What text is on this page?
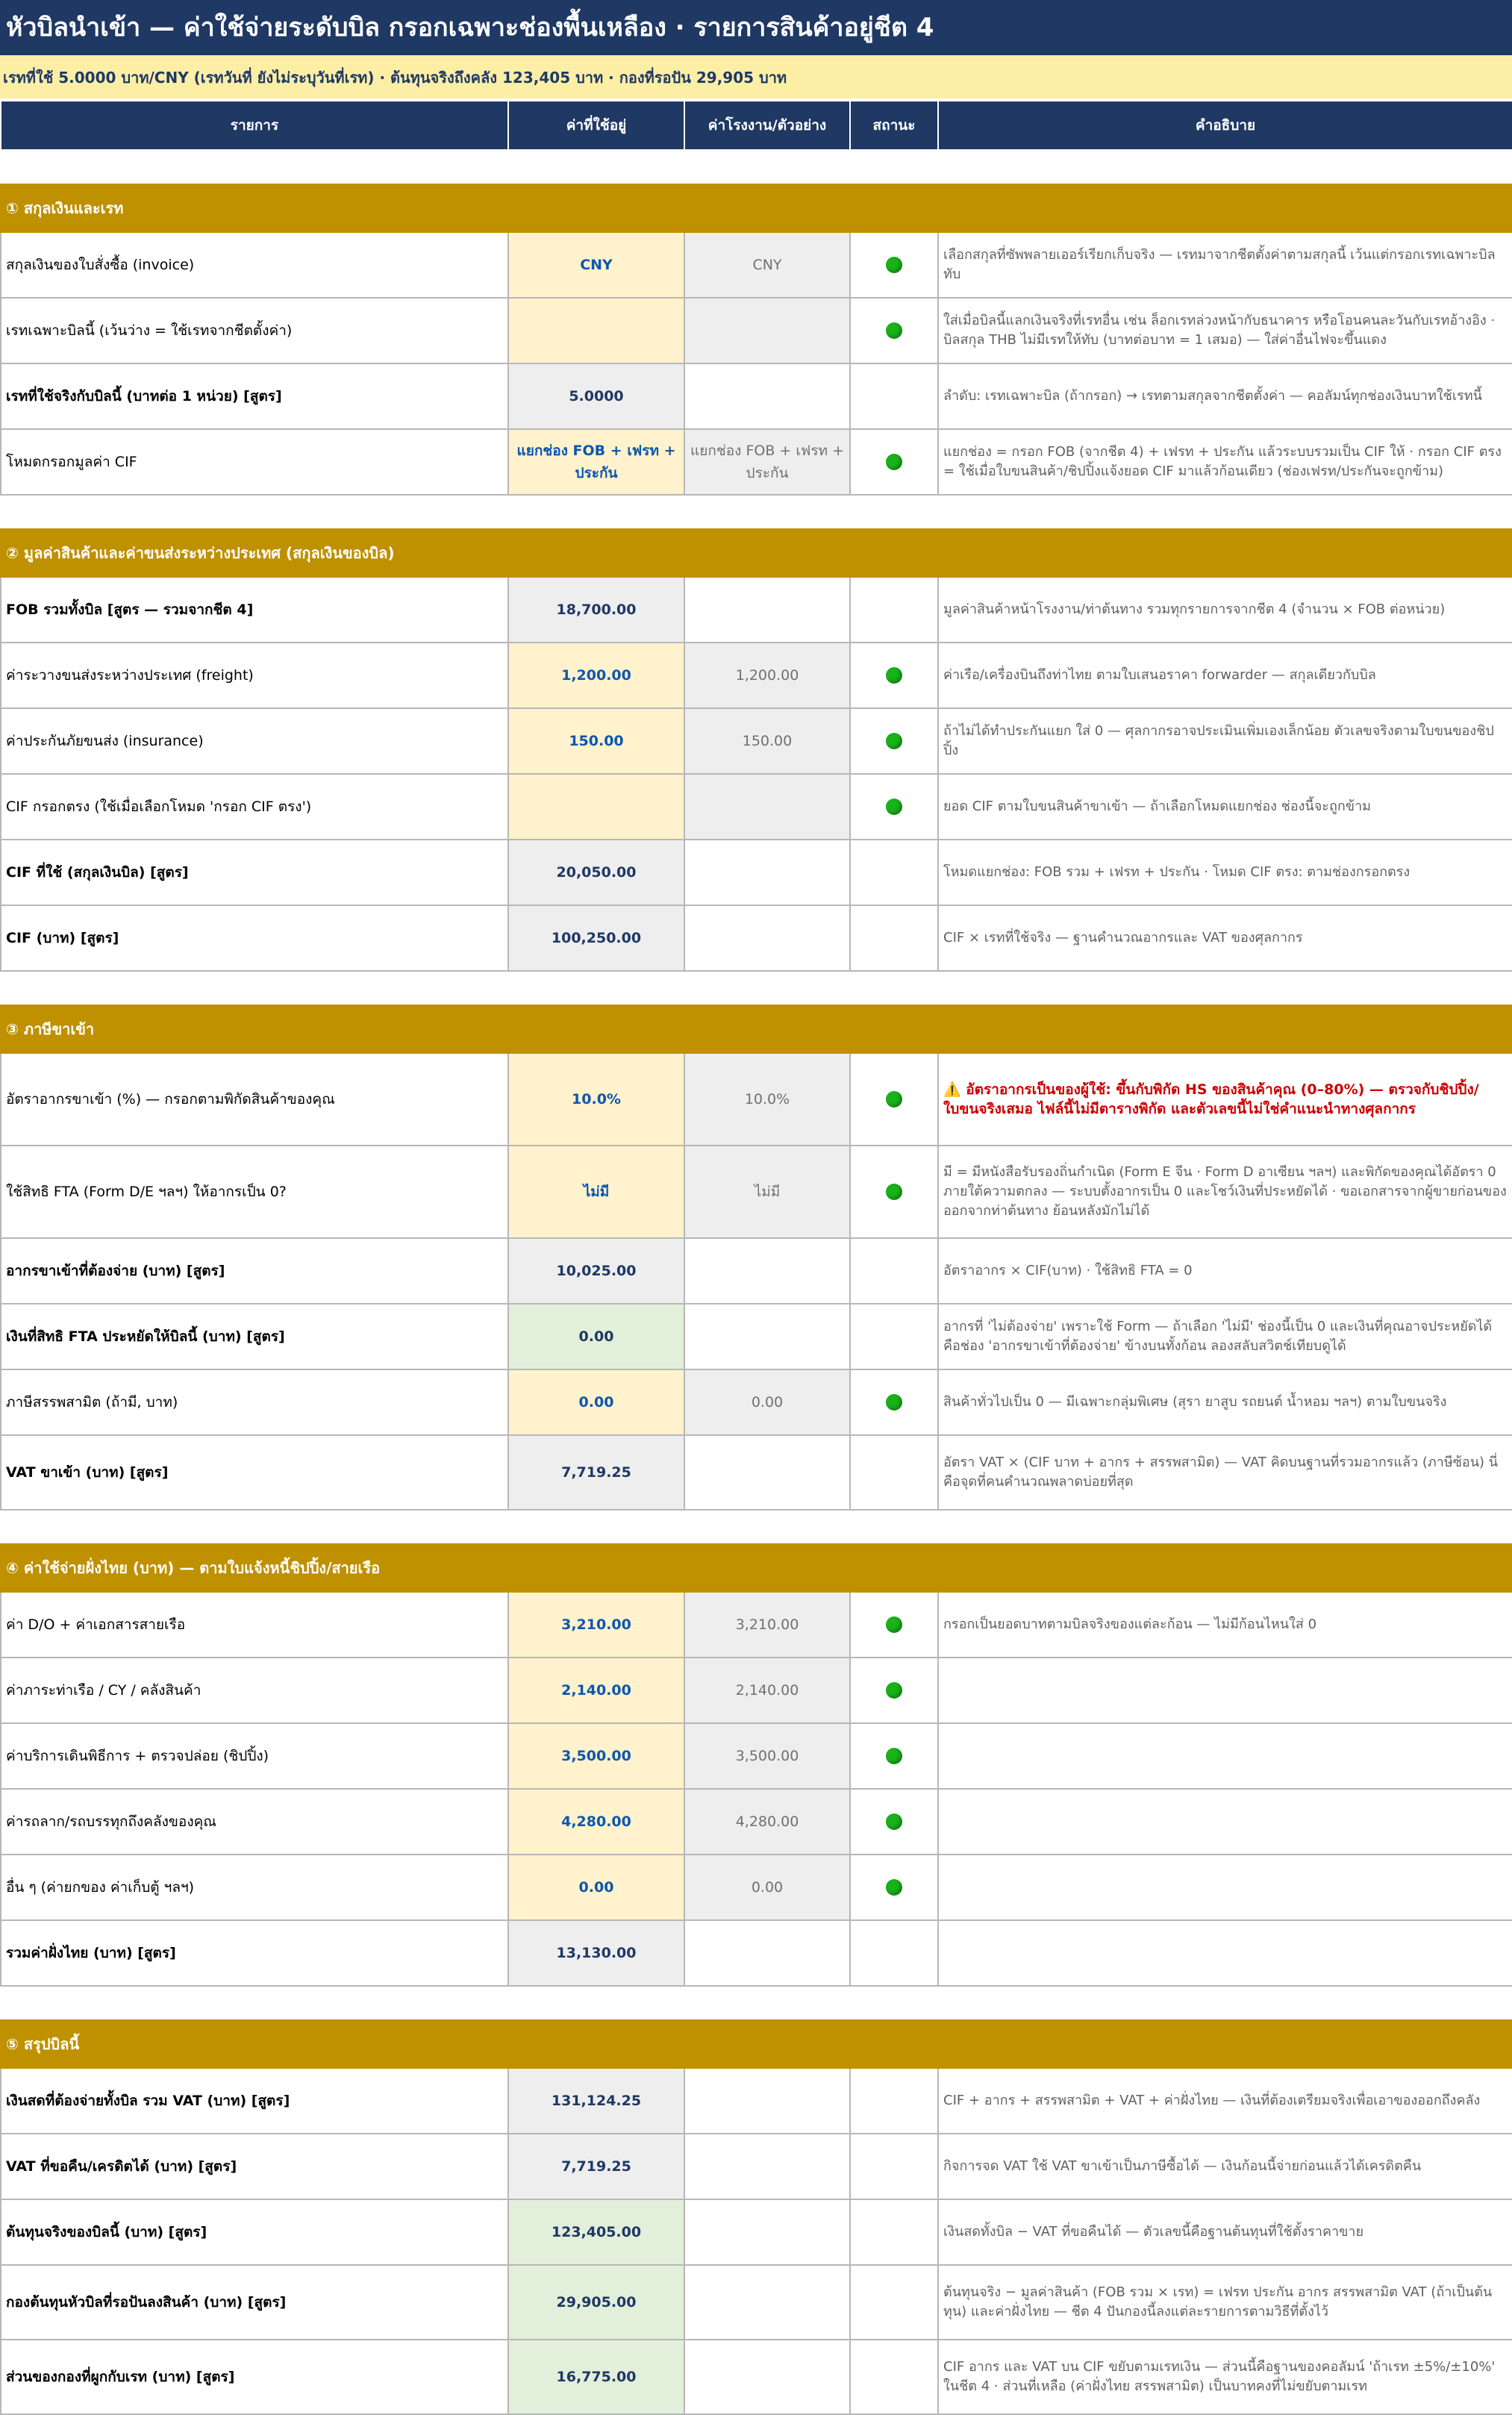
หัวบิลนำเข้า — ค่าใช้จ่ายระดับบิล กรอกเฉพาะช่องพื้นเหลือง · รายการสินค้าอยู่ชีต 4
เรทที่ใช้ 5.0000 บาท/CNY (เรทวันที่ ยังไม่ระบุวันที่เรท) · ต้นทุนจริงถึงคลัง 123,405 บาท · กองที่รอปัน 29,905 บาท
รายการ	ค่าที่ใช้อยู่	ค่าโรงงาน/ตัวอย่าง	สถานะ	คำอธิบาย

① สกุลเงินและเรท				
สกุลเงินของใบสั่งซื้อ (invoice)	CNY	CNY		เลือกสกุลที่ซัพพลายเออร์เรียกเก็บจริง — เรทมาจากชีตตั้งค่าตามสกุลนี้ เว้นแต่กรอกเรทเฉพาะบิลทับ
เรทเฉพาะบิลนี้ (เว้นว่าง = ใช้เรทจากชีตตั้งค่า)				ใส่เมื่อบิลนี้แลกเงินจริงที่เรทอื่น เช่น ล็อกเรทล่วงหน้ากับธนาคาร หรือโอนคนละวันกับเรทอ้างอิง · บิลสกุล THB ไม่มีเรทให้ทับ (บาทต่อบาท = 1 เสมอ) — ใส่ค่าอื่นไฟจะขึ้นแดง
เรทที่ใช้จริงกับบิลนี้ (บาทต่อ 1 หน่วย) [สูตร]	5.0000			ลำดับ: เรทเฉพาะบิล (ถ้ากรอก) → เรทตามสกุลจากชีตตั้งค่า — คอลัมน์ทุกช่องเงินบาทใช้เรทนี้
โหมดกรอกมูลค่า CIF	แยกช่อง FOB + เฟรท + ประกัน	แยกช่อง FOB + เฟรท + ประกัน		แยกช่อง = กรอก FOB (จากชีต 4) + เฟรท + ประกัน แล้วระบบรวมเป็น CIF ให้ · กรอก CIF ตรง = ใช้เมื่อใบขนสินค้า/ชิปปิ้งแจ้งยอด CIF มาแล้วก้อนเดียว (ช่องเฟรท/ประกันจะถูกข้าม)

② มูลค่าสินค้าและค่าขนส่งระหว่างประเทศ (สกุลเงินของบิล)				
FOB รวมทั้งบิล [สูตร — รวมจากชีต 4]	18,700.00			มูลค่าสินค้าหน้าโรงงาน/ท่าต้นทาง รวมทุกรายการจากชีต 4 (จำนวน × FOB ต่อหน่วย)
ค่าระวางขนส่งระหว่างประเทศ (freight)	1,200.00	1,200.00		ค่าเรือ/เครื่องบินถึงท่าไทย ตามใบเสนอราคา forwarder — สกุลเดียวกับบิล
ค่าประกันภัยขนส่ง (insurance)	150.00	150.00		ถ้าไม่ได้ทำประกันแยก ใส่ 0 — ศุลกากรอาจประเมินเพิ่มเองเล็กน้อย ตัวเลขจริงตามใบขนของชิปปิ้ง
CIF กรอกตรง (ใช้เมื่อเลือกโหมด 'กรอก CIF ตรง')				ยอด CIF ตามใบขนสินค้าขาเข้า — ถ้าเลือกโหมดแยกช่อง ช่องนี้จะถูกข้าม
CIF ที่ใช้ (สกุลเงินบิล) [สูตร]	20,050.00			โหมดแยกช่อง: FOB รวม + เฟรท + ประกัน · โหมด CIF ตรง: ตามช่องกรอกตรง
CIF (บาท) [สูตร]	100,250.00			CIF × เรทที่ใช้จริง — ฐานคำนวณอากรและ VAT ของศุลกากร

③ ภาษีขาเข้า				
อัตราอากรขาเข้า (%) — กรอกตามพิกัดสินค้าของคุณ	10.0%	10.0%		⚠️ อัตราอากรเป็นของผู้ใช้: ขึ้นกับพิกัด HS ของสินค้าคุณ (0–80%) — ตรวจกับชิปปิ้ง/ใบขนจริงเสมอ ไฟล์นี้ไม่มีตารางพิกัด และตัวเลขนี้ไม่ใช่คำแนะนำทางศุลกากร
ใช้สิทธิ FTA (Form D/E ฯลฯ) ให้อากรเป็น 0?	ไม่มี	ไม่มี		มี = มีหนังสือรับรองถิ่นกำเนิด (Form E จีน · Form D อาเซียน ฯลฯ) และพิกัดของคุณได้อัตรา 0 ภายใต้ความตกลง — ระบบตั้งอากรเป็น 0 และโชว์เงินที่ประหยัดได้ · ขอเอกสารจากผู้ขายก่อนของออกจากท่าต้นทาง ย้อนหลังมักไม่ได้
อากรขาเข้าที่ต้องจ่าย (บาท) [สูตร]	10,025.00			อัตราอากร × CIF(บาท) · ใช้สิทธิ FTA = 0
เงินที่สิทธิ FTA ประหยัดให้บิลนี้ (บาท) [สูตร]	0.00			อากรที่ 'ไม่ต้องจ่าย' เพราะใช้ Form — ถ้าเลือก 'ไม่มี' ช่องนี้เป็น 0 และเงินที่คุณอาจประหยัดได้คือช่อง 'อากรขาเข้าที่ต้องจ่าย' ข้างบนทั้งก้อน ลองสลับสวิตช์เทียบดูได้
ภาษีสรรพสามิต (ถ้ามี, บาท)	0.00	0.00		สินค้าทั่วไปเป็น 0 — มีเฉพาะกลุ่มพิเศษ (สุรา ยาสูบ รถยนต์ น้ำหอม ฯลฯ) ตามใบขนจริง
VAT ขาเข้า (บาท) [สูตร]	7,719.25			อัตรา VAT × (CIF บาท + อากร + สรรพสามิต) — VAT คิดบนฐานที่รวมอากรแล้ว (ภาษีซ้อน) นี่คือจุดที่คนคำนวณพลาดบ่อยที่สุด

④ ค่าใช้จ่ายฝั่งไทย (บาท) — ตามใบแจ้งหนี้ชิปปิ้ง/สายเรือ				
ค่า D/O + ค่าเอกสารสายเรือ	3,210.00	3,210.00		กรอกเป็นยอดบาทตามบิลจริงของแต่ละก้อน — ไม่มีก้อนไหนใส่ 0
ค่าภาระท่าเรือ / CY / คลังสินค้า	2,140.00	2,140.00		
ค่าบริการเดินพิธีการ + ตรวจปล่อย (ชิปปิ้ง)	3,500.00	3,500.00		
ค่ารถลาก/รถบรรทุกถึงคลังของคุณ	4,280.00	4,280.00		
อื่น ๆ (ค่ายกของ ค่าเก็บตู้ ฯลฯ)	0.00	0.00		
รวมค่าฝั่งไทย (บาท) [สูตร]	13,130.00			

⑤ สรุปบิลนี้				
เงินสดที่ต้องจ่ายทั้งบิล รวม VAT (บาท) [สูตร]	131,124.25			CIF + อากร + สรรพสามิต + VAT + ค่าฝั่งไทย — เงินที่ต้องเตรียมจริงเพื่อเอาของออกถึงคลัง
VAT ที่ขอคืน/เครดิตได้ (บาท) [สูตร]	7,719.25			กิจการจด VAT ใช้ VAT ขาเข้าเป็นภาษีซื้อได้ — เงินก้อนนี้จ่ายก่อนแล้วได้เครดิตคืน
ต้นทุนจริงของบิลนี้ (บาท) [สูตร]	123,405.00			เงินสดทั้งบิล − VAT ที่ขอคืนได้ — ตัวเลขนี้คือฐานต้นทุนที่ใช้ตั้งราคาขาย
กองต้นทุนหัวบิลที่รอปันลงสินค้า (บาท) [สูตร]	29,905.00			ต้นทุนจริง − มูลค่าสินค้า (FOB รวม × เรท) = เฟรท ประกัน อากร สรรพสามิต VAT (ถ้าเป็นต้นทุน) และค่าฝั่งไทย — ชีต 4 ปันกองนี้ลงแต่ละรายการตามวิธีที่ตั้งไว้
ส่วนของกองที่ผูกกับเรท (บาท) [สูตร]	16,775.00			CIF อากร และ VAT บน CIF ขยับตามเรทเงิน — ส่วนนี้คือฐานของคอลัมน์ 'ถ้าเรท ±5%/±10%' ในชีต 4 · ส่วนที่เหลือ (ค่าฝั่งไทย สรรพสามิต) เป็นบาทคงที่ไม่ขยับตามเรท
